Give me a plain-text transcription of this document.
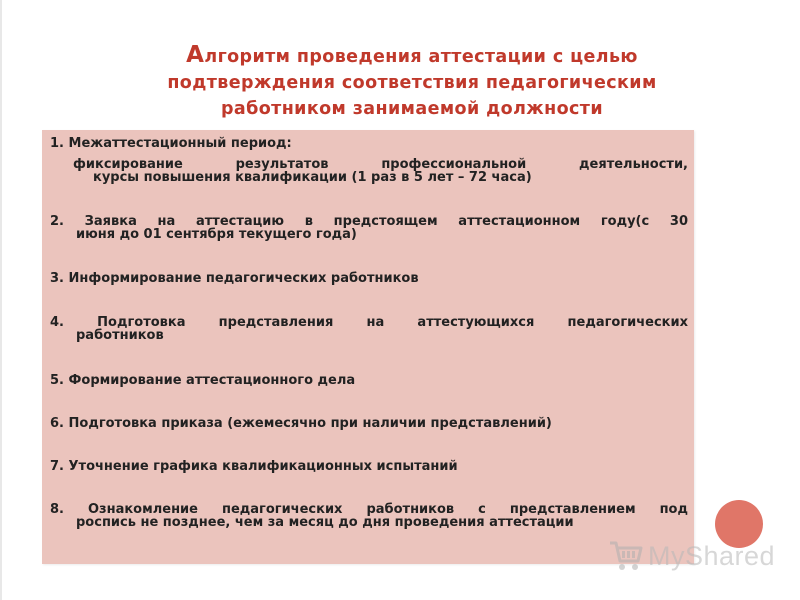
Алгоритм проведения аттестации с целью
подтверждения соответствия педагогическим
работником занимаемой должности
1. Межаттестационный период:
фиксирование результатов профессиональной деятельности,
курсы повышения квалификации (1 раз в 5 лет – 72 часа)
2. Заявка на аттестацию в предстоящем аттестационном году(с 30
июня до 01 сентября текущего года)
3. Информирование педагогических работников
4. Подготовка представления на аттестующихся педагогических
работников
5. Формирование аттестационного дела
6. Подготовка приказа (ежемесячно при наличии представлений)
7. Уточнение графика квалификационных испытаний
8. Ознакомление педагогических работников с представлением под
роспись не позднее, чем за месяц до дня проведения аттестации
MyShared
